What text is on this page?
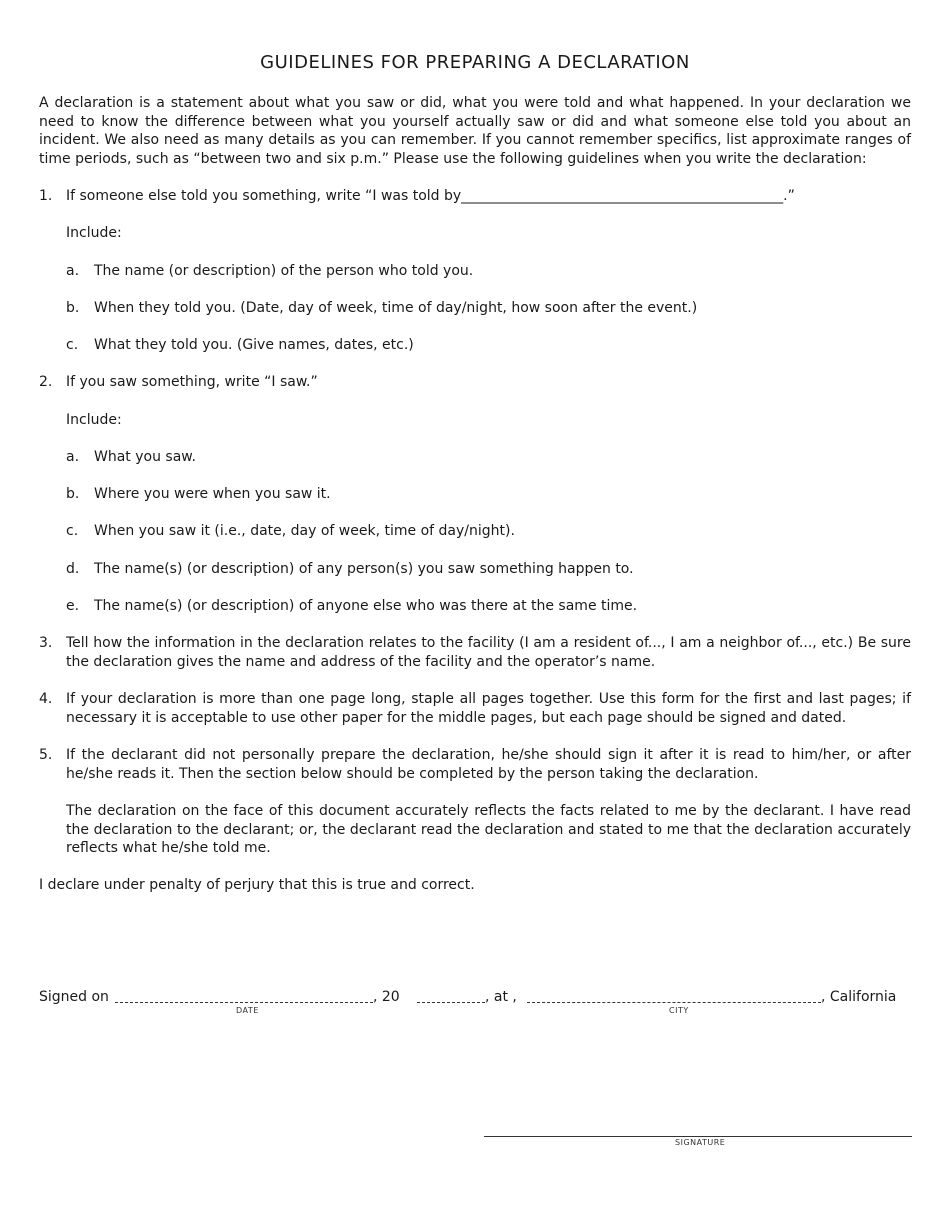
GUIDELINES FOR PREPARING A DECLARATION

A declaration is a statement about what you saw or did, what you were told and what happened. In your declaration we need to know the difference between what you yourself actually saw or did and what someone else told you about an incident. We also need as many details as you can remember. If you cannot remember specifics, list approximate ranges of time periods, such as “between two and six p.m.” Please use the following guidelines when you write the declaration:

1. If someone else told you something, write “I was told by______________________________________________.”
Include:
a. The name (or description) of the person who told you.
b. When they told you. (Date, day of week, time of day/night, how soon after the event.)
c. What they told you. (Give names, dates, etc.)
2. If you saw something, write “I saw.”
Include:
a. What you saw.
b. Where you were when you saw it.
c. When you saw it (i.e., date, day of week, time of day/night).
d. The name(s) (or description) of any person(s) you saw something happen to.
e. The name(s) (or description) of anyone else who was there at the same time.
3. Tell how the information in the declaration relates to the facility (I am a resident of..., I am a neighbor of..., etc.) Be sure the declaration gives the name and address of the facility and the operator’s name.

4. If your declaration is more than one page long, staple all pages together. Use this form for the first and last pages; if necessary it is acceptable to use other paper for the middle pages, but each page should be signed and dated.

5. If the declarant did not personally prepare the declaration, he/she should sign it after it is read to him/her, or after he/she reads it. Then the section below should be completed by the person taking the declaration.

The declaration on the face of this document accurately reflects the facts related to me by the declarant. I have read the declaration to the declarant; or, the declarant read the declaration and stated to me that the declaration accurately reflects what he/she told me.

I declare under penalty of perjury that this is true and correct.

Signed on
DATE
, 20	, at ,
CITY
, California
SIGNATURE
